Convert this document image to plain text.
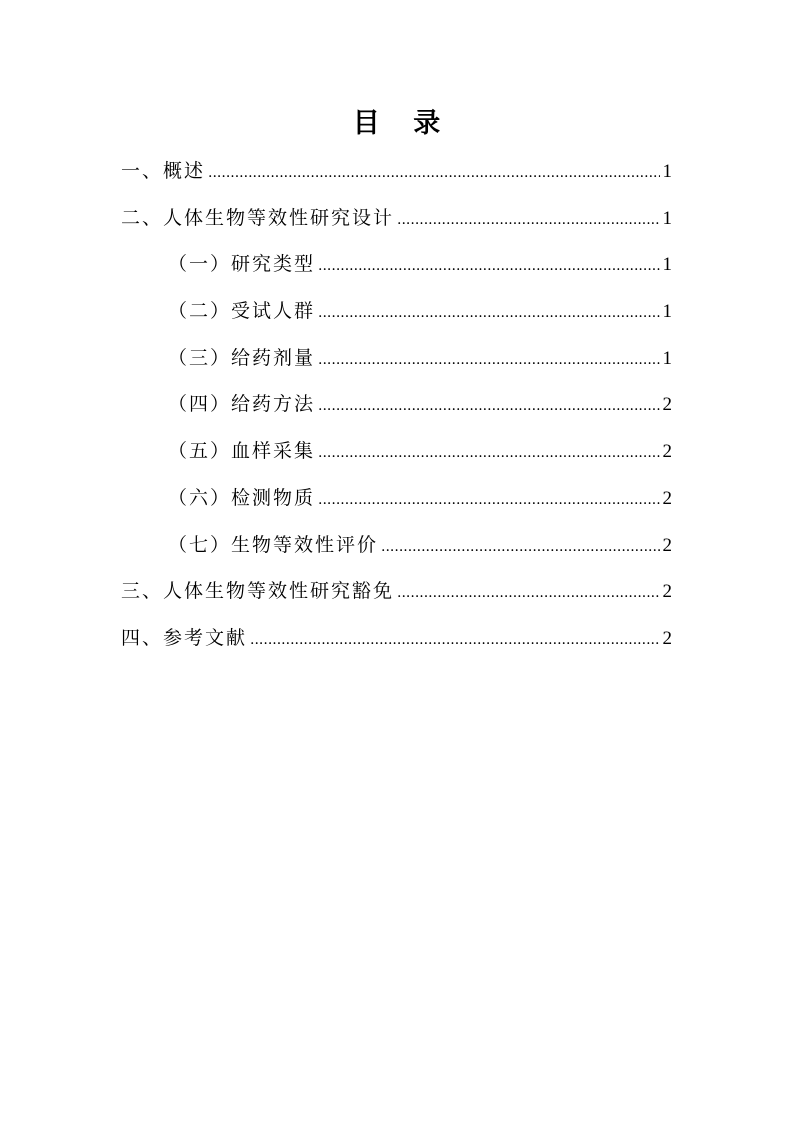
目 录
一、概述 .....	1
二、人体生物等效性研究设计 .....	1
（一）研究类型 .....	1
（二）受试人群 .....	1
（三）给药剂量 .....	1
（四）给药方法 .....	2
（五）血样采集 .....	2
（六）检测物质 .....	2
（七）生物等效性评价 .....	2
三、人体生物等效性研究豁免 .....	2
四、参考文献 .....	2
